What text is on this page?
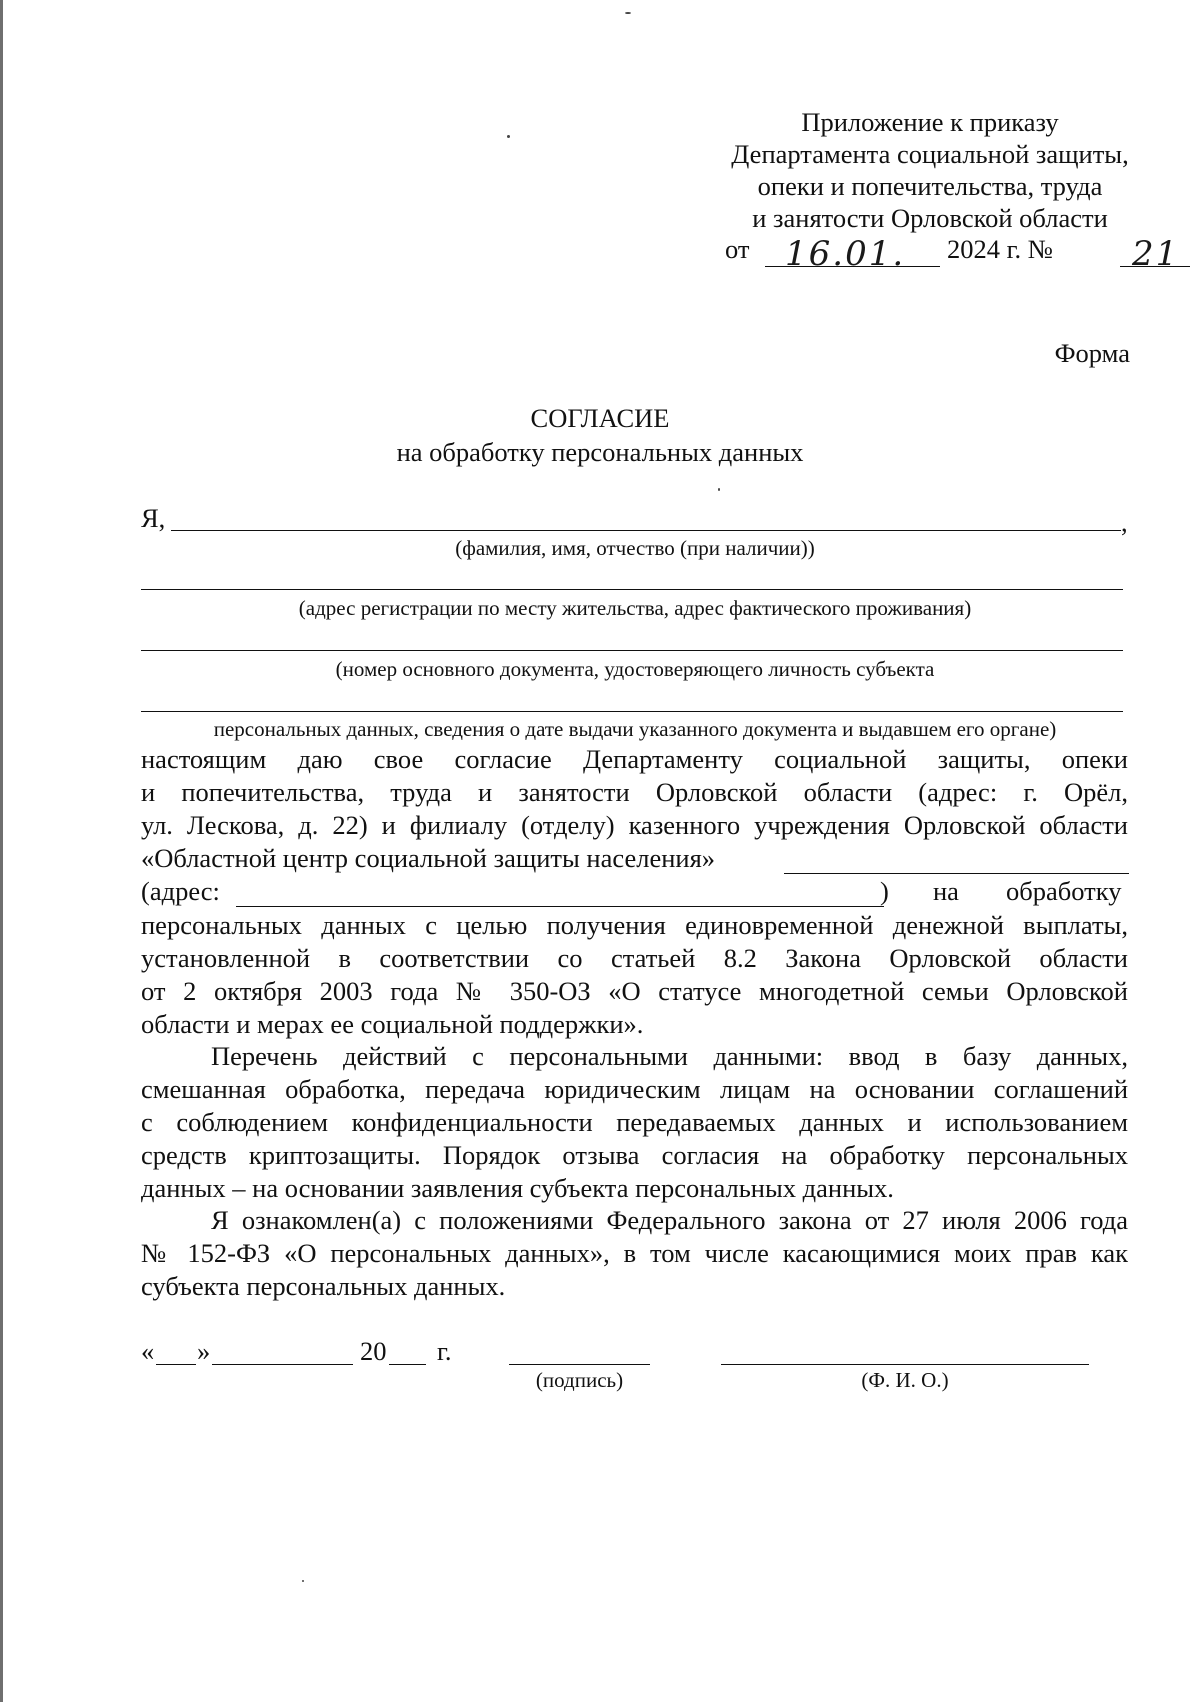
Приложение к приказу
Департамента социальной защиты,
опеки и попечительства, труда
и занятости Орловской области
от 16.01. 2024 г. № 21
Форма
СОГЛАСИЕ
на обработку персональных данных
Я,	,
(фамилия, имя, отчество (при наличии))
(адрес регистрации по месту жительства, адрес фактического проживания)
(номер основного документа, удостоверяющего личность субъекта
персональных данных, сведения о дате выдачи указанного документа и выдавшем его органе)
настоящим даю свое согласие Департаменту социальной защиты, опеки
и попечительства, труда и занятости Орловской области (адрес: г. Орёл,
ул. Лескова, д. 22) и филиалу (отделу) казенного учреждения Орловской области
«Областной центр социальной защиты населения»
(адрес:	) на обработку
персональных данных с целью получения единовременной денежной выплаты,
установленной в соответствии со статьей 8.2 Закона Орловской области
от 2 октября 2003 года № 350-ОЗ «О статусе многодетной семьи Орловской
области и мерах ее социальной поддержки».
Перечень действий с персональными данными: ввод в базу данных,
смешанная обработка, передача юридическим лицам на основании соглашений
с соблюдением конфиденциальности передаваемых данных и использованием
средств криптозащиты. Порядок отзыва согласия на обработку персональных
данных – на основании заявления субъекта персональных данных.
Я ознакомлен(а) с положениями Федерального закона от 27 июля 2006 года
№ 152-ФЗ «О персональных данных», в том числе касающимися моих прав как
субъекта персональных данных.
« »	20 г.
(подпись)	(Ф. И. О.)
